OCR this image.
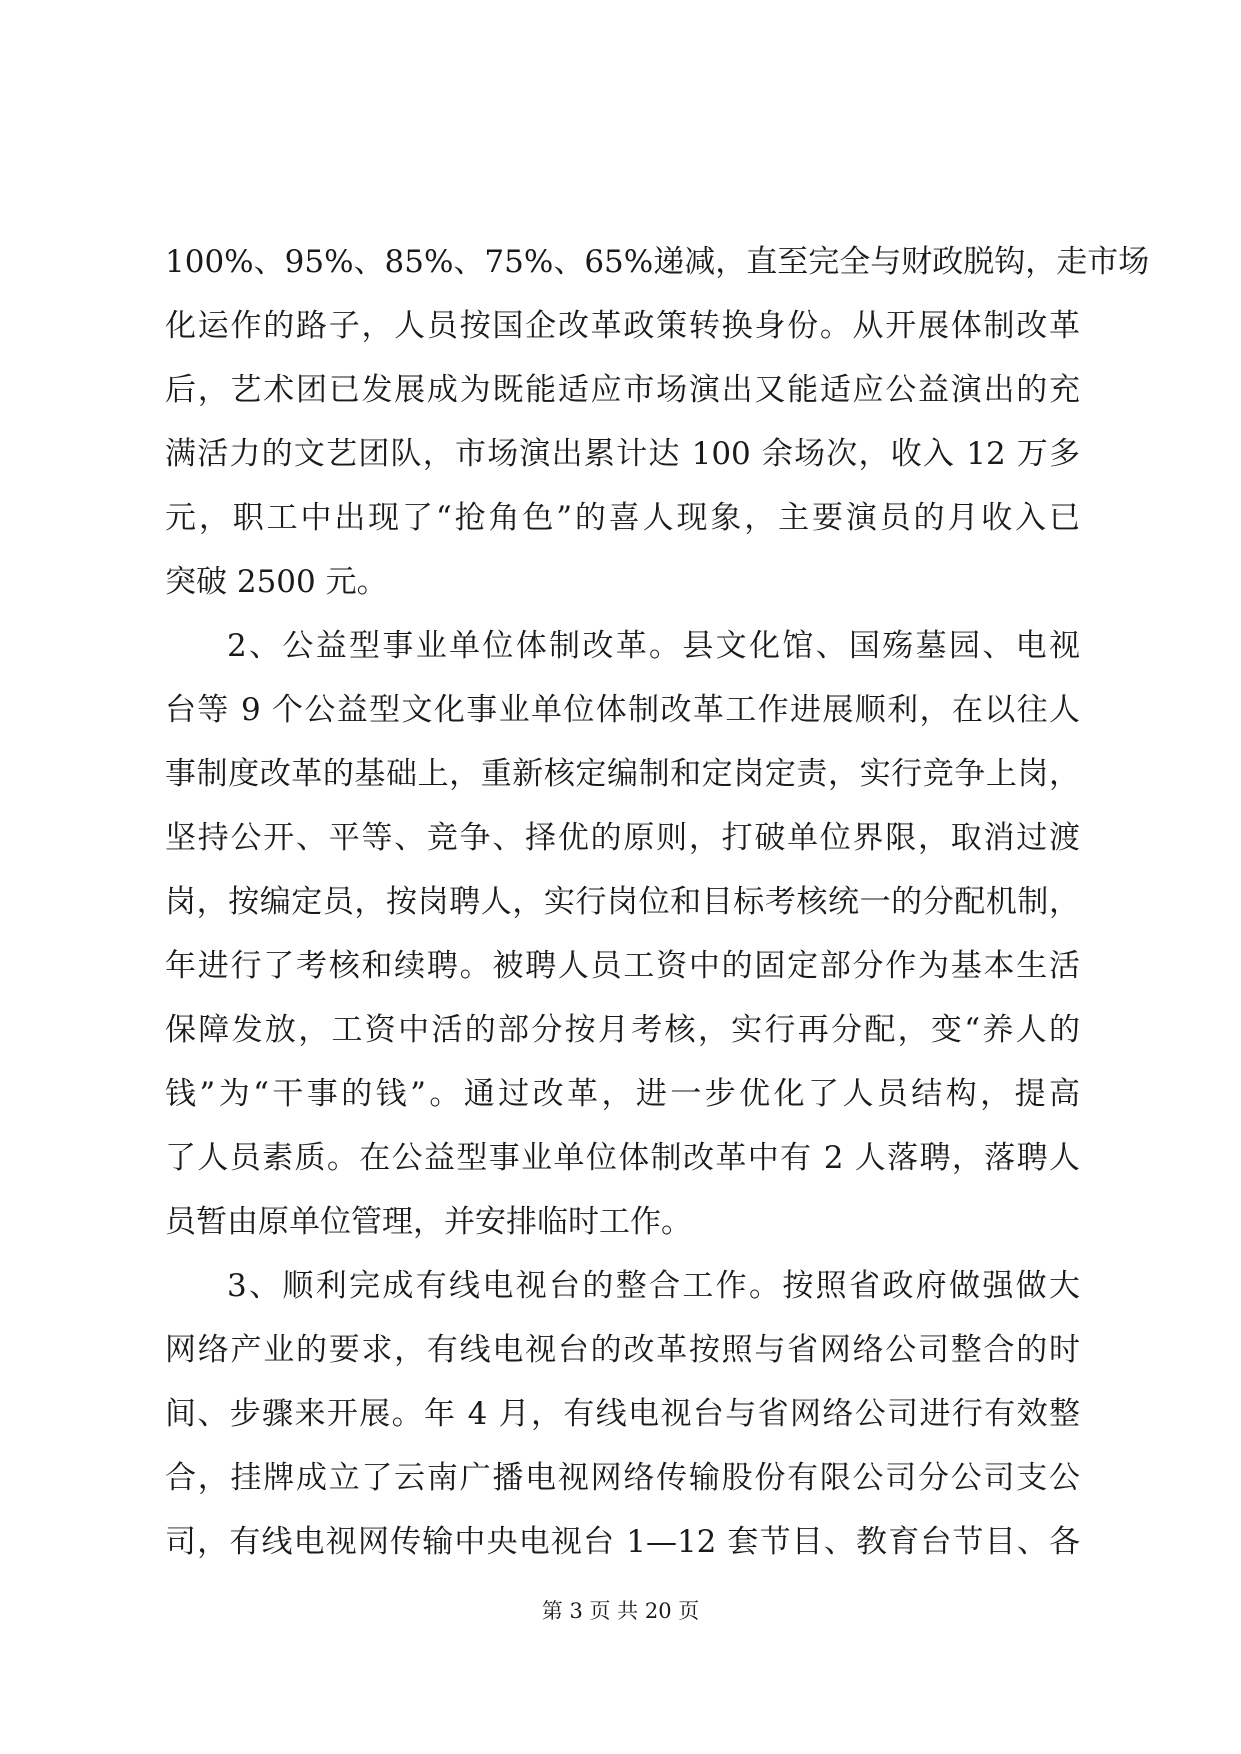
100%、95%、85%、75%、65%递减，直至完全与财政脱钩，走市场
化运作的路子，人员按国企改革政策转换身份。从开展体制改革
后，艺术团已发展成为既能适应市场演出又能适应公益演出的充
满活力的文艺团队，市场演出累计达 100 余场次，收入 12 万多
元，职工中出现了“抢角色”的喜人现象，主要演员的月收入已
突破 2500 元。
2、公益型事业单位体制改革。县文化馆、国殇墓园、电视
台等 9 个公益型文化事业单位体制改革工作进展顺利，在以往人
事制度改革的基础上，重新核定编制和定岗定责，实行竞争上岗，
坚持公开、平等、竞争、择优的原则，打破单位界限，取消过渡
岗，按编定员，按岗聘人，实行岗位和目标考核统一的分配机制，
年进行了考核和续聘。被聘人员工资中的固定部分作为基本生活
保障发放，工资中活的部分按月考核，实行再分配，变“养人的
钱”为“干事的钱”。通过改革，进一步优化了人员结构，提高
了人员素质。在公益型事业单位体制改革中有 2 人落聘，落聘人
员暂由原单位管理，并安排临时工作。
3、顺利完成有线电视台的整合工作。按照省政府做强做大
网络产业的要求，有线电视台的改革按照与省网络公司整合的时
间、步骤来开展。年 4 月，有线电视台与省网络公司进行有效整
合，挂牌成立了云南广播电视网络传输股份有限公司分公司支公
司，有线电视网传输中央电视台 1—12 套节目、教育台节目、各
第 3 页 共 20 页
